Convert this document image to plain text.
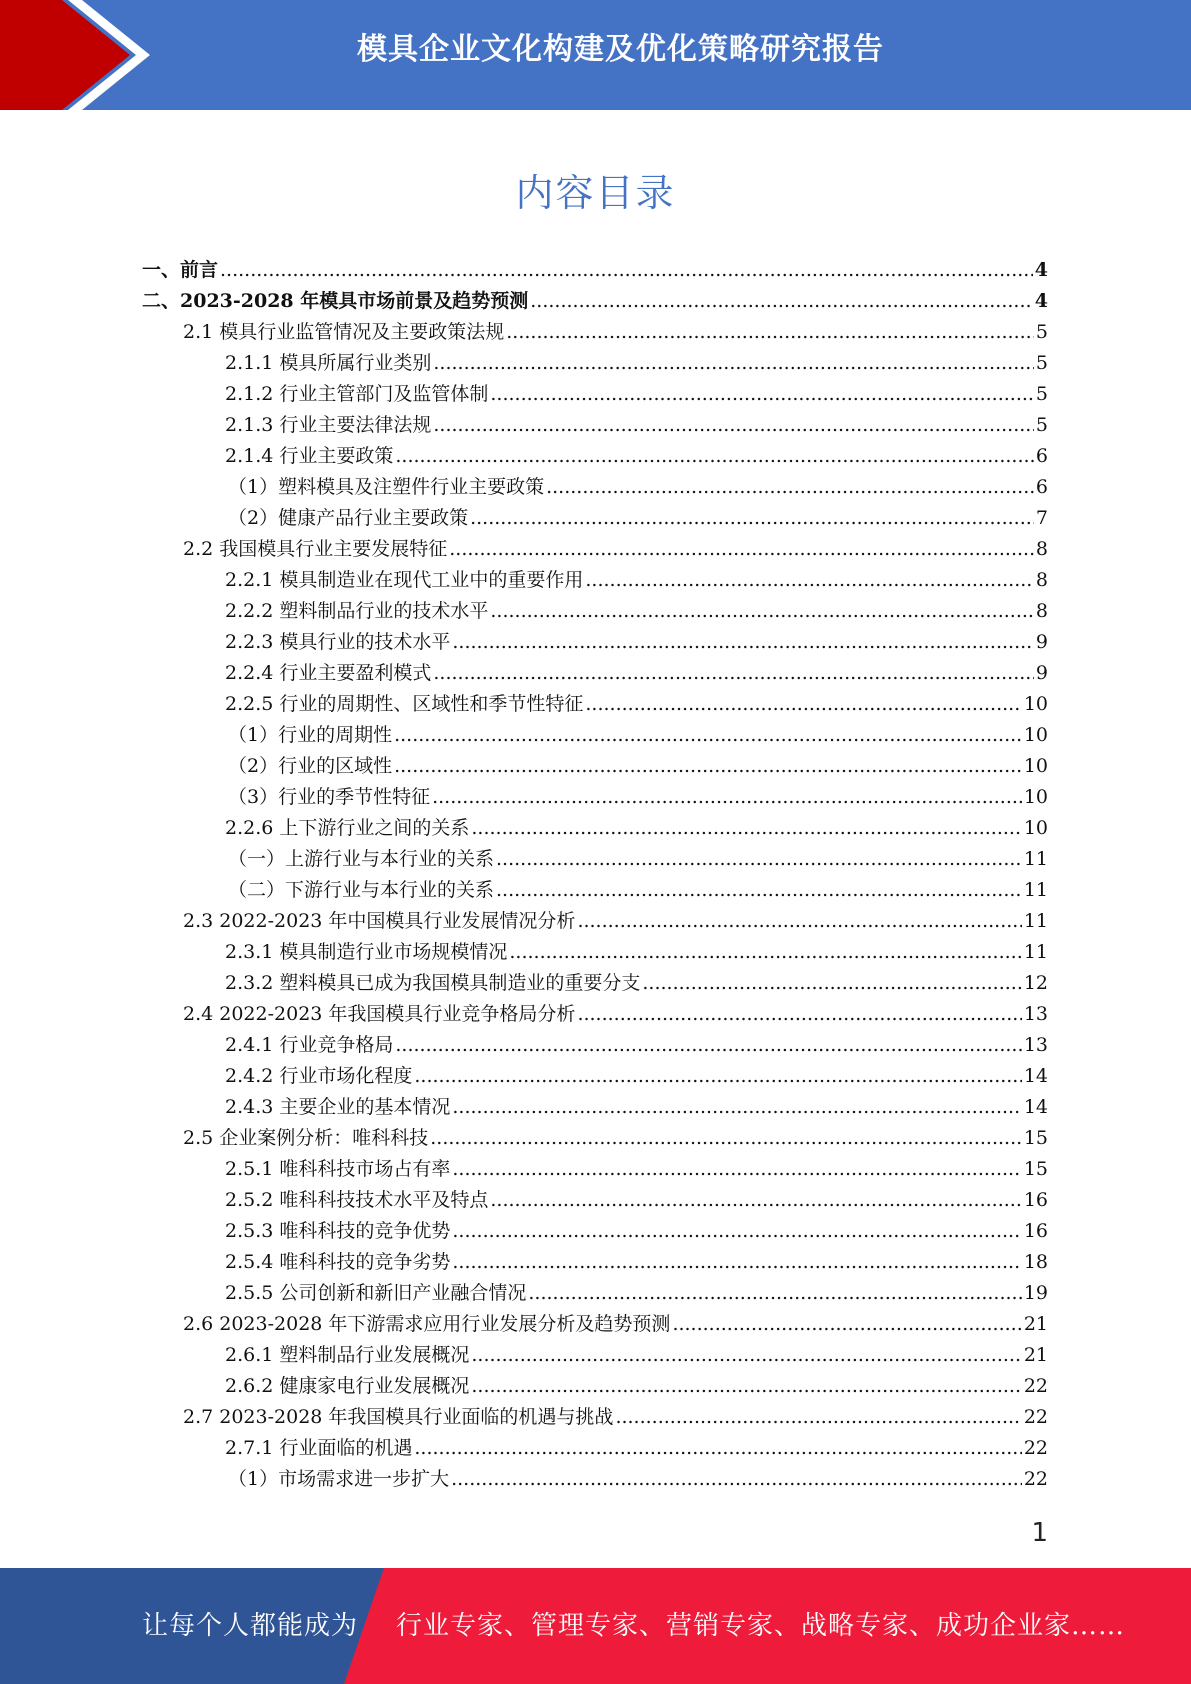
模具企业文化构建及优化策略研究报告
内容目录
一、前言 .....	4
二、2023-2028 年模具市场前景及趋势预测 .....	4
2.1 模具行业监管情况及主要政策法规 .....	5
2.1.1 模具所属行业类别 .....	5
2.1.2 行业主管部门及监管体制 .....	5
2.1.3 行业主要法律法规 .....	5
2.1.4 行业主要政策 .....	6
（1）塑料模具及注塑件行业主要政策 .....	6
（2）健康产品行业主要政策 .....	7
2.2 我国模具行业主要发展特征 .....	8
2.2.1 模具制造业在现代工业中的重要作用 .....	8
2.2.2 塑料制品行业的技术水平 .....	8
2.2.3 模具行业的技术水平 .....	9
2.2.4 行业主要盈利模式 .....	9
2.2.5 行业的周期性、区域性和季节性特征 .....	10
（1）行业的周期性 .....	10
（2）行业的区域性 .....	10
（3）行业的季节性特征 .....	10
2.2.6 上下游行业之间的关系 .....	10
（一）上游行业与本行业的关系 .....	11
（二）下游行业与本行业的关系 .....	11
2.3 2022-2023 年中国模具行业发展情况分析 .....	11
2.3.1 模具制造行业市场规模情况 .....	11
2.3.2 塑料模具已成为我国模具制造业的重要分支 .....	12
2.4 2022-2023 年我国模具行业竞争格局分析 .....	13
2.4.1 行业竞争格局 .....	13
2.4.2 行业市场化程度 .....	14
2.4.3 主要企业的基本情况 .....	14
2.5 企业案例分析：唯科科技 .....	15
2.5.1 唯科科技市场占有率 .....	15
2.5.2 唯科科技技术水平及特点 .....	16
2.5.3 唯科科技的竞争优势 .....	16
2.5.4 唯科科技的竞争劣势 .....	18
2.5.5 公司创新和新旧产业融合情况 .....	19
2.6 2023-2028 年下游需求应用行业发展分析及趋势预测 .....	21
2.6.1 塑料制品行业发展概况 .....	21
2.6.2 健康家电行业发展概况 .....	22
2.7 2023-2028 年我国模具行业面临的机遇与挑战 .....	22
2.7.1 行业面临的机遇 .....	22
（1）市场需求进一步扩大 .....	22
1
让每个人都能成为 行业专家、管理专家、营销专家、战略专家、成功企业家……
